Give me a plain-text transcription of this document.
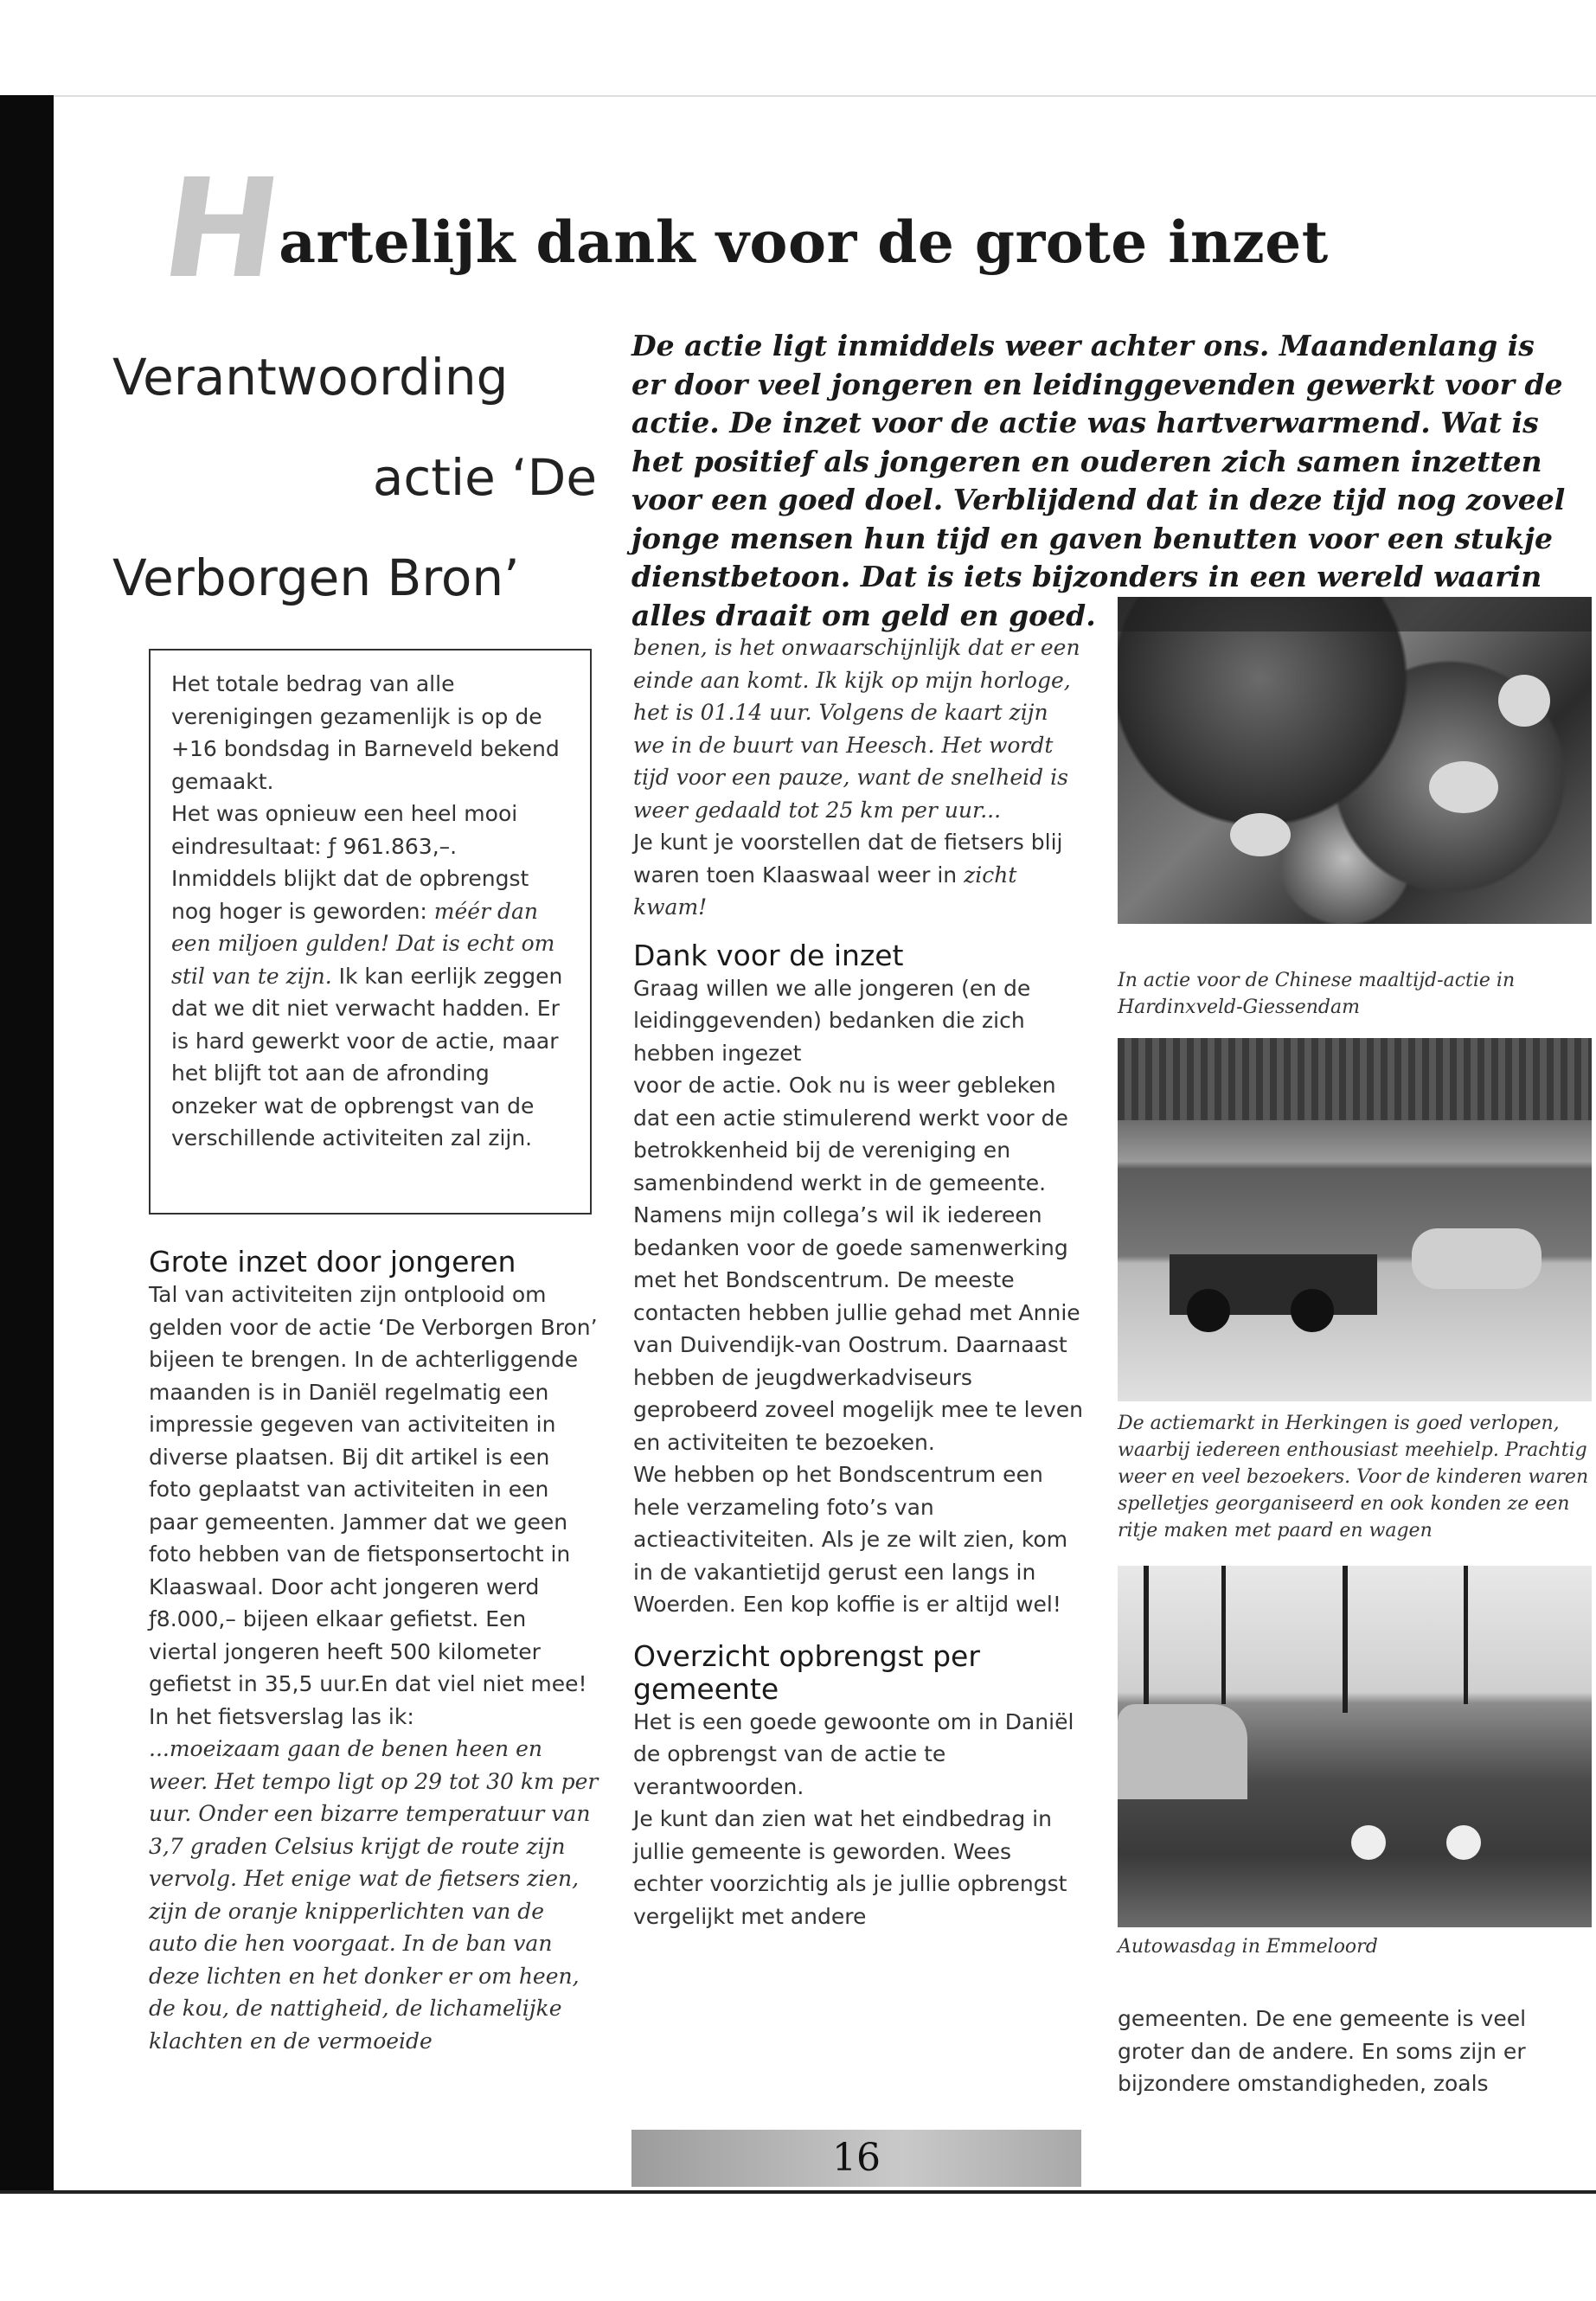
Hartelijk dank voor de grote inzet
Verantwoording
actie ‘De
Verborgen Bron’
De actie ligt inmiddels weer achter ons. Maandenlang is er door veel jongeren en leidinggevenden gewerkt voor de actie. De inzet voor de actie was hartverwarmend. Wat is het positief als jongeren en ouderen zich samen inzetten voor een goed doel. Verblijdend dat in deze tijd nog zoveel jonge mensen hun tijd en gaven benutten voor een stukje dienstbetoon. Dat is iets bijzonders in een wereld waarin alles draait om geld en goed.
Het totale bedrag van alle verenigingen gezamenlijk is op de +16 bondsdag in Barneveld bekend gemaakt.
Het was opnieuw een heel mooi eindresultaat: ƒ 961.863,–.
Inmiddels blijkt dat de opbrengst nog hoger is geworden: méér dan een miljoen gulden! Dat is echt om stil van te zijn. Ik kan eerlijk zeggen dat we dit niet verwacht hadden. Er is hard gewerkt voor de actie, maar het blijft tot aan de afronding onzeker wat de opbrengst van de verschillende activiteiten zal zijn.
Grote inzet door jongeren

Tal van activiteiten zijn ontplooid om gelden voor de actie ‘De Verborgen Bron’ bijeen te brengen. In de achterliggende maanden is in Daniël regelmatig een impressie gegeven van activiteiten in diverse plaatsen. Bij dit artikel is een foto geplaatst van activiteiten in een paar gemeenten. Jammer dat we geen foto hebben van de fietsponsertocht in Klaaswaal. Door acht jongeren werd ƒ8.000,– bijeen elkaar gefietst. Een viertal jongeren heeft 500 kilometer gefietst in 35,5 uur.En dat viel niet mee! In het fietsverslag las ik:

...moeizaam gaan de benen heen en weer. Het tempo ligt op 29 tot 30 km per uur. Onder een bizarre temperatuur van 3,7 graden Celsius krijgt de route zijn vervolg. Het enige wat de fietsers zien, zijn de oranje knipperlichten van de auto die hen voorgaat. In de ban van deze lichten en het donker er om heen, de kou, de nattigheid, de lichamelijke klachten en de vermoeide

benen, is het onwaarschijnlijk dat er een einde aan komt. Ik kijk op mijn horloge, het is 01.14 uur. Volgens de kaart zijn we in de buurt van Heesch. Het wordt tijd voor een pauze, want de snelheid is weer gedaald tot 25 km per uur...

Je kunt je voorstellen dat de fietsers blij waren toen Klaaswaal weer in zicht kwam!

Dank voor de inzet

Graag willen we alle jongeren (en de leidinggevenden) bedanken die zich hebben ingezet

voor de actie. Ook nu is weer gebleken dat een actie stimulerend werkt voor de betrokkenheid bij de vereniging en samenbindend werkt in de gemeente.

Namens mijn collega’s wil ik iedereen bedanken voor de goede samenwerking met het Bondscentrum. De meeste contacten hebben jullie gehad met Annie van Duivendijk-van Oostrum. Daarnaast hebben de jeugdwerkadviseurs geprobeerd zoveel mogelijk mee te leven en activiteiten te bezoeken.

We hebben op het Bondscentrum een hele verzameling foto’s van actieactiviteiten. Als je ze wilt zien, kom in de vakantietijd gerust een langs in Woerden. Een kop koffie is er altijd wel!

Overzicht opbrengst per gemeente

Het is een goede gewoonte om in Daniël de opbrengst van de actie te verantwoorden.

Je kunt dan zien wat het eindbedrag in jullie gemeente is geworden. Wees echter voorzichtig als je jullie opbrengst vergelijkt met andere

In actie voor de Chinese maaltijd-actie in Hardinxveld-Giessendam
De actiemarkt in Herkingen is goed verlopen, waarbij iedereen enthousiast meehielp. Prachtig weer en veel bezoekers. Voor de kinderen waren spelletjes georganiseerd en ook konden ze een ritje maken met paard en wagen
Autowasdag in Emmeloord

gemeenten. De ene gemeente is veel groter dan de andere. En soms zijn er bijzondere omstandigheden, zoals

16
